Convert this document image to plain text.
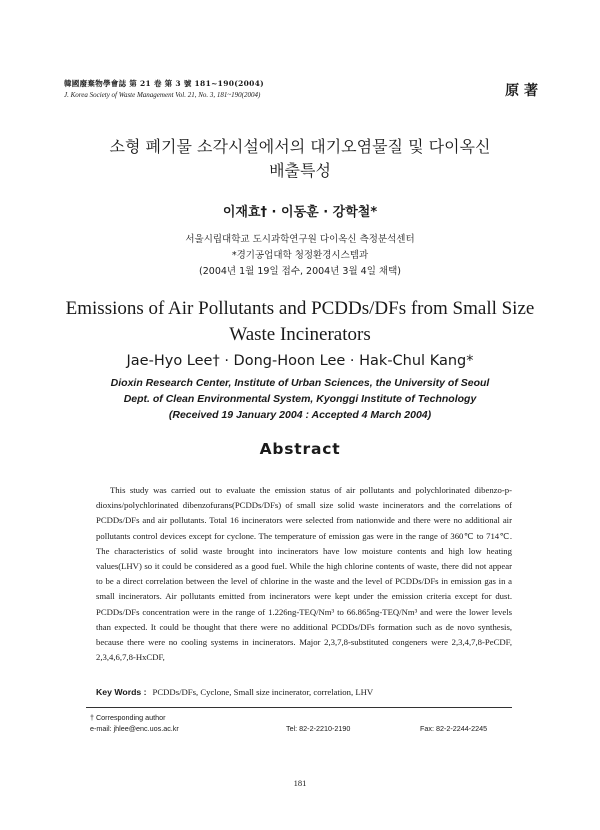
韓國廢棄物學會誌 第 21 卷 第 3 號 181~190(2004)
J. Korea Society of Waste Management Vol. 21, No. 3, 181~190(2004)	原 著
소형 폐기물 소각시설에서의 대기오염물질 및 다이옥신
배출특성
이재효† · 이동훈 · 강학철*
서울시립대학교 도시과학연구원 다이옥신 측정분석센터
*경기공업대학 청정환경시스템과
(2004년 1월 19일 접수, 2004년 3월 4일 채택)
Emissions of Air Pollutants and PCDDs/DFs from Small Size
Waste Incinerators
Jae-Hyo Lee† · Dong-Hoon Lee · Hak-Chul Kang*
Dioxin Research Center, Institute of Urban Sciences, the University of Seoul
Dept. of Clean Environmental System, Kyonggi Institute of Technology
(Received 19 January 2004 : Accepted 4 March 2004)
Abstract

This study was carried out to evaluate the emission status of air pollutants and polychlorinated dibenzo-p-dioxins/polychlorinated dibenzofurans(PCDDs/DFs) of small size solid waste incinerators and the correlations of PCDDs/DFs and air pollutants. Total 16 incinerators were selected from nationwide and there were no additional air pollutants control devices except for cyclone. The temperature of emission gas were in the range of 360℃ to 714℃. The characteristics of solid waste brought into incinerators have low moisture contents and high low heating values(LHV) so it could be considered as a good fuel. While the high chlorine contents of waste, there did not appear to be a direct correlation between the level of chlorine in the waste and the level of PCDDs/DFs in emission gas in a small incinerators. Air pollutants emitted from incinerators were kept under the emission criteria except for dust. PCDDs/DFs concentration were in the range of 1.226ng-TEQ/Nm³ to 66.865ng-TEQ/Nm³ and were the lower levels than expected. It could be thought that there were no additional PCDDs/DFs formation such as de novo synthesis, because there were no cooling systems in incinerators. Major 2,3,7,8-substituted congeners were 2,3,4,7,8-PeCDF, 2,3,4,6,7,8-HxCDF,

Key Words : PCDDs/DFs, Cyclone, Small size incinerator, correlation, LHV
† Corresponding author
e-mail: jhlee@enc.uos.ac.kr	Tel: 82-2-2210-2190	Fax: 82-2-2244-2245
181
